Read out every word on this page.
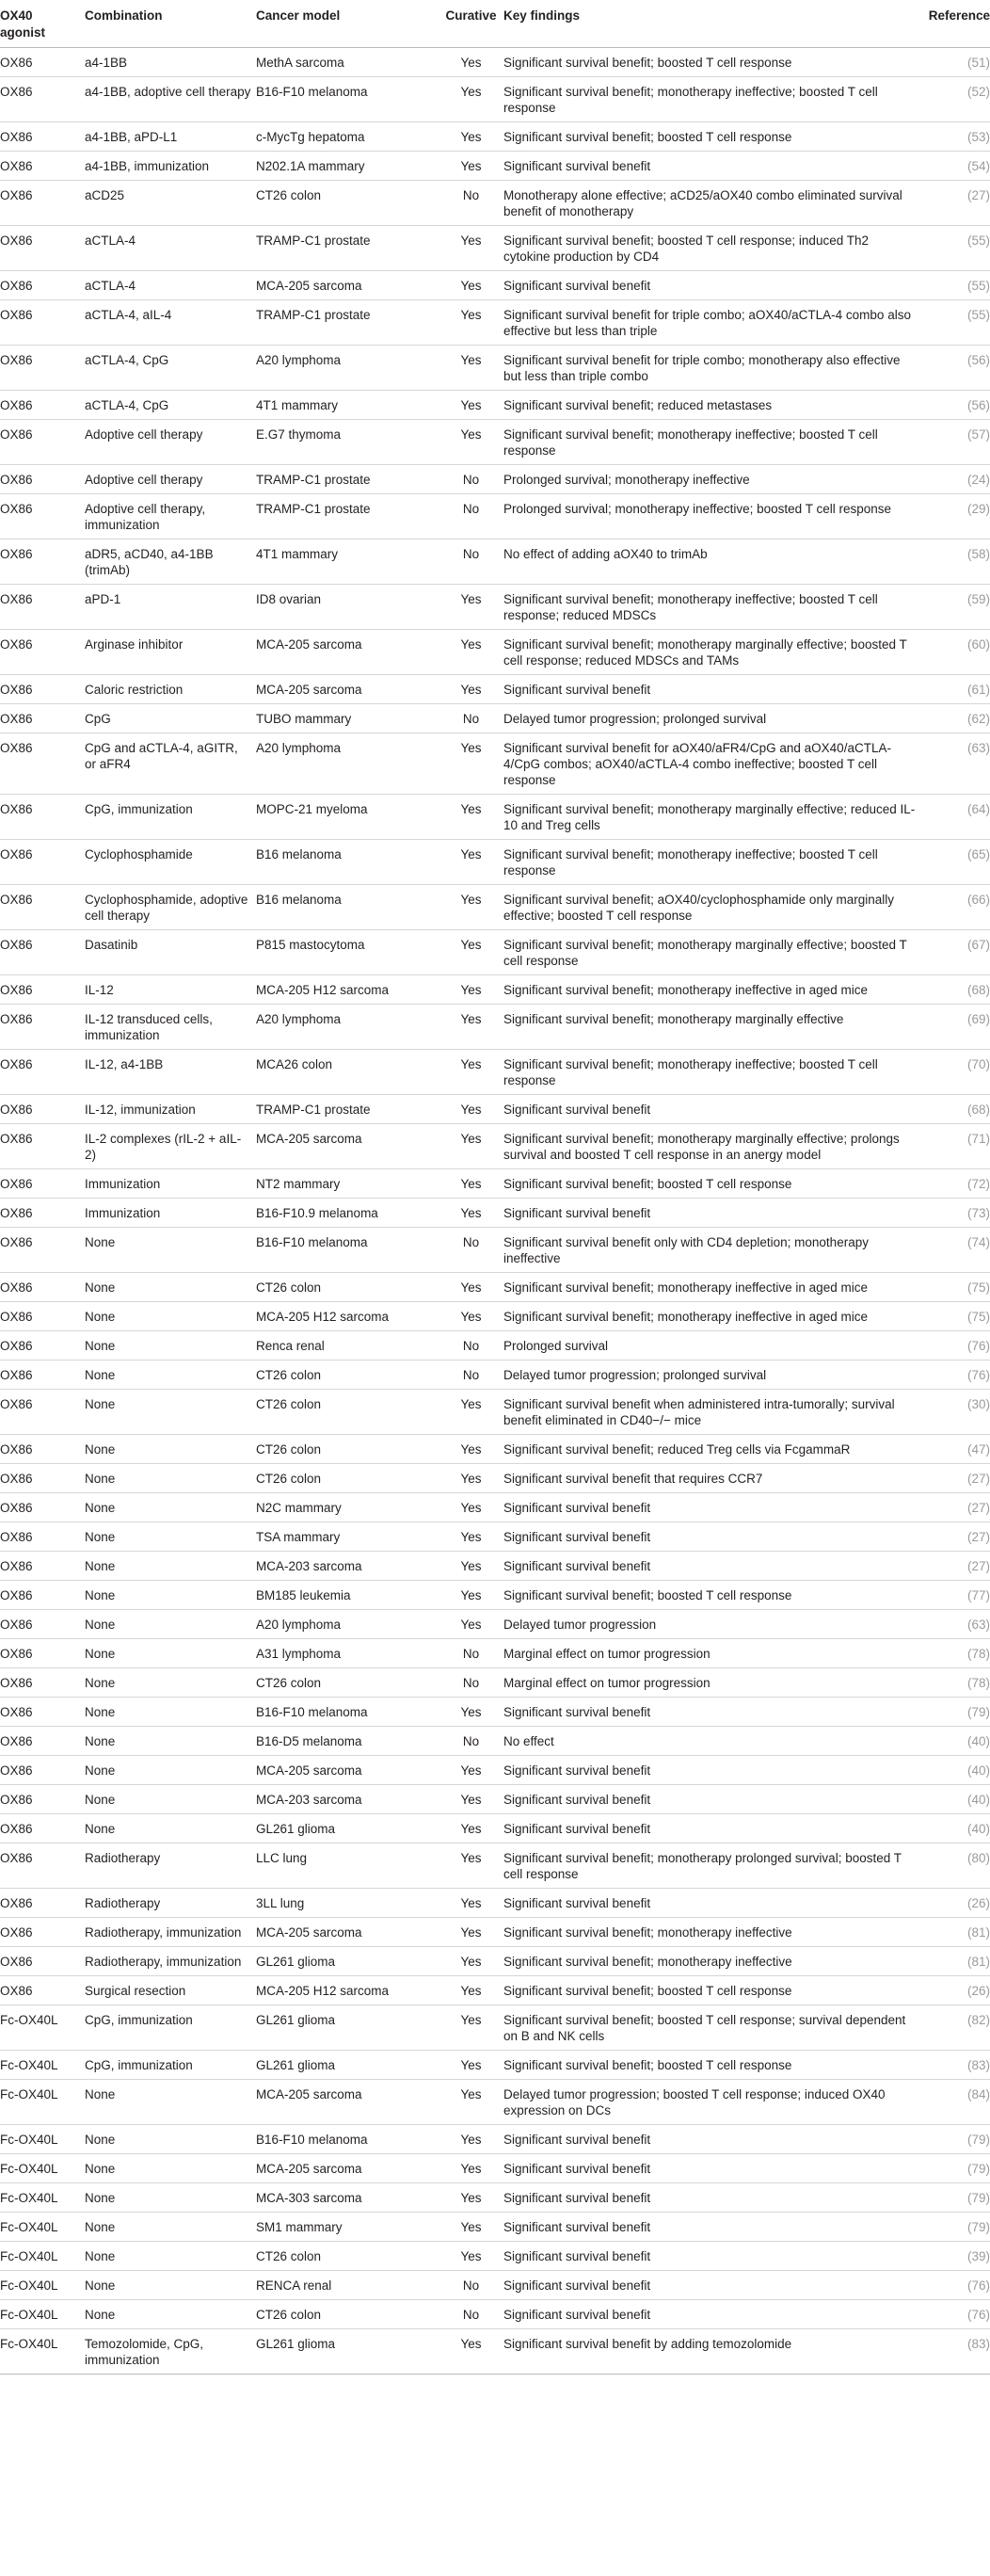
OX40 agonist	Combination	Cancer model	Curative	Key findings	Reference
OX86	a4-1BB	MethA sarcoma	Yes	Significant survival benefit; boosted T cell response	(51)
OX86	a4-1BB, adoptive cell therapy	B16-F10 melanoma	Yes	Significant survival benefit; monotherapy ineffective; boosted T cell response	(52)
OX86	a4-1BB, aPD-L1	c-MycTg hepatoma	Yes	Significant survival benefit; boosted T cell response	(53)
OX86	a4-1BB, immunization	N202.1A mammary	Yes	Significant survival benefit	(54)
OX86	aCD25	CT26 colon	No	Monotherapy alone effective; aCD25/aOX40 combo eliminated survival benefit of monotherapy	(27)
OX86	aCTLA-4	TRAMP-C1 prostate	Yes	Significant survival benefit; boosted T cell response; induced Th2 cytokine production by CD4	(55)
OX86	aCTLA-4	MCA-205 sarcoma	Yes	Significant survival benefit	(55)
OX86	aCTLA-4, aIL-4	TRAMP-C1 prostate	Yes	Significant survival benefit for triple combo; aOX40/aCTLA-4 combo also effective but less than triple	(55)
OX86	aCTLA-4, CpG	A20 lymphoma	Yes	Significant survival benefit for triple combo; monotherapy also effective but less than triple combo	(56)
OX86	aCTLA-4, CpG	4T1 mammary	Yes	Significant survival benefit; reduced metastases	(56)
OX86	Adoptive cell therapy	E.G7 thymoma	Yes	Significant survival benefit; monotherapy ineffective; boosted T cell response	(57)
OX86	Adoptive cell therapy	TRAMP-C1 prostate	No	Prolonged survival; monotherapy ineffective	(24)
OX86	Adoptive cell therapy, immunization	TRAMP-C1 prostate	No	Prolonged survival; monotherapy ineffective; boosted T cell response	(29)
OX86	aDR5, aCD40, a4-1BB (trimAb)	4T1 mammary	No	No effect of adding aOX40 to trimAb	(58)
OX86	aPD-1	ID8 ovarian	Yes	Significant survival benefit; monotherapy ineffective; boosted T cell response; reduced MDSCs	(59)
OX86	Arginase inhibitor	MCA-205 sarcoma	Yes	Significant survival benefit; monotherapy marginally effective; boosted T cell response; reduced MDSCs and TAMs	(60)
OX86	Caloric restriction	MCA-205 sarcoma	Yes	Significant survival benefit	(61)
OX86	CpG	TUBO mammary	No	Delayed tumor progression; prolonged survival	(62)
OX86	CpG and aCTLA-4, aGITR, or aFR4	A20 lymphoma	Yes	Significant survival benefit for aOX40/aFR4/CpG and aOX40/aCTLA-4/CpG combos; aOX40/aCTLA-4 combo ineffective; boosted T cell response	(63)
OX86	CpG, immunization	MOPC-21 myeloma	Yes	Significant survival benefit; monotherapy marginally effective; reduced IL-10 and Treg cells	(64)
OX86	Cyclophosphamide	B16 melanoma	Yes	Significant survival benefit; monotherapy ineffective; boosted T cell response	(65)
OX86	Cyclophosphamide, adoptive cell therapy	B16 melanoma	Yes	Significant survival benefit; aOX40/cyclophosphamide only marginally effective; boosted T cell response	(66)
OX86	Dasatinib	P815 mastocytoma	Yes	Significant survival benefit; monotherapy marginally effective; boosted T cell response	(67)
OX86	IL-12	MCA-205 H12 sarcoma	Yes	Significant survival benefit; monotherapy ineffective in aged mice	(68)
OX86	IL-12 transduced cells, immunization	A20 lymphoma	Yes	Significant survival benefit; monotherapy marginally effective	(69)
OX86	IL-12, a4-1BB	MCA26 colon	Yes	Significant survival benefit; monotherapy ineffective; boosted T cell response	(70)
OX86	IL-12, immunization	TRAMP-C1 prostate	Yes	Significant survival benefit	(68)
OX86	IL-2 complexes (rIL-2 + aIL-2)	MCA-205 sarcoma	Yes	Significant survival benefit; monotherapy marginally effective; prolongs survival and boosted T cell response in an anergy model	(71)
OX86	Immunization	NT2 mammary	Yes	Significant survival benefit; boosted T cell response	(72)
OX86	Immunization	B16-F10.9 melanoma	Yes	Significant survival benefit	(73)
OX86	None	B16-F10 melanoma	No	Significant survival benefit only with CD4 depletion; monotherapy ineffective	(74)
OX86	None	CT26 colon	Yes	Significant survival benefit; monotherapy ineffective in aged mice	(75)
OX86	None	MCA-205 H12 sarcoma	Yes	Significant survival benefit; monotherapy ineffective in aged mice	(75)
OX86	None	Renca renal	No	Prolonged survival	(76)
OX86	None	CT26 colon	No	Delayed tumor progression; prolonged survival	(76)
OX86	None	CT26 colon	Yes	Significant survival benefit when administered intra-tumorally; survival benefit eliminated in CD40−/− mice	(30)
OX86	None	CT26 colon	Yes	Significant survival benefit; reduced Treg cells via FcgammaR	(47)
OX86	None	CT26 colon	Yes	Significant survival benefit that requires CCR7	(27)
OX86	None	N2C mammary	Yes	Significant survival benefit	(27)
OX86	None	TSA mammary	Yes	Significant survival benefit	(27)
OX86	None	MCA-203 sarcoma	Yes	Significant survival benefit	(27)
OX86	None	BM185 leukemia	Yes	Significant survival benefit; boosted T cell response	(77)
OX86	None	A20 lymphoma	Yes	Delayed tumor progression	(63)
OX86	None	A31 lymphoma	No	Marginal effect on tumor progression	(78)
OX86	None	CT26 colon	No	Marginal effect on tumor progression	(78)
OX86	None	B16-F10 melanoma	Yes	Significant survival benefit	(79)
OX86	None	B16-D5 melanoma	No	No effect	(40)
OX86	None	MCA-205 sarcoma	Yes	Significant survival benefit	(40)
OX86	None	MCA-203 sarcoma	Yes	Significant survival benefit	(40)
OX86	None	GL261 glioma	Yes	Significant survival benefit	(40)
OX86	Radiotherapy	LLC lung	Yes	Significant survival benefit; monotherapy prolonged survival; boosted T cell response	(80)
OX86	Radiotherapy	3LL lung	Yes	Significant survival benefit	(26)
OX86	Radiotherapy, immunization	MCA-205 sarcoma	Yes	Significant survival benefit; monotherapy ineffective	(81)
OX86	Radiotherapy, immunization	GL261 glioma	Yes	Significant survival benefit; monotherapy ineffective	(81)
OX86	Surgical resection	MCA-205 H12 sarcoma	Yes	Significant survival benefit; boosted T cell response	(26)
Fc-OX40L	CpG, immunization	GL261 glioma	Yes	Significant survival benefit; boosted T cell response; survival dependent on B and NK cells	(82)
Fc-OX40L	CpG, immunization	GL261 glioma	Yes	Significant survival benefit; boosted T cell response	(83)
Fc-OX40L	None	MCA-205 sarcoma	Yes	Delayed tumor progression; boosted T cell response; induced OX40 expression on DCs	(84)
Fc-OX40L	None	B16-F10 melanoma	Yes	Significant survival benefit	(79)
Fc-OX40L	None	MCA-205 sarcoma	Yes	Significant survival benefit	(79)
Fc-OX40L	None	MCA-303 sarcoma	Yes	Significant survival benefit	(79)
Fc-OX40L	None	SM1 mammary	Yes	Significant survival benefit	(79)
Fc-OX40L	None	CT26 colon	Yes	Significant survival benefit	(39)
Fc-OX40L	None	RENCA renal	No	Significant survival benefit	(76)
Fc-OX40L	None	CT26 colon	No	Significant survival benefit	(76)
Fc-OX40L	Temozolomide, CpG, immunization	GL261 glioma	Yes	Significant survival benefit by adding temozolomide	(83)
